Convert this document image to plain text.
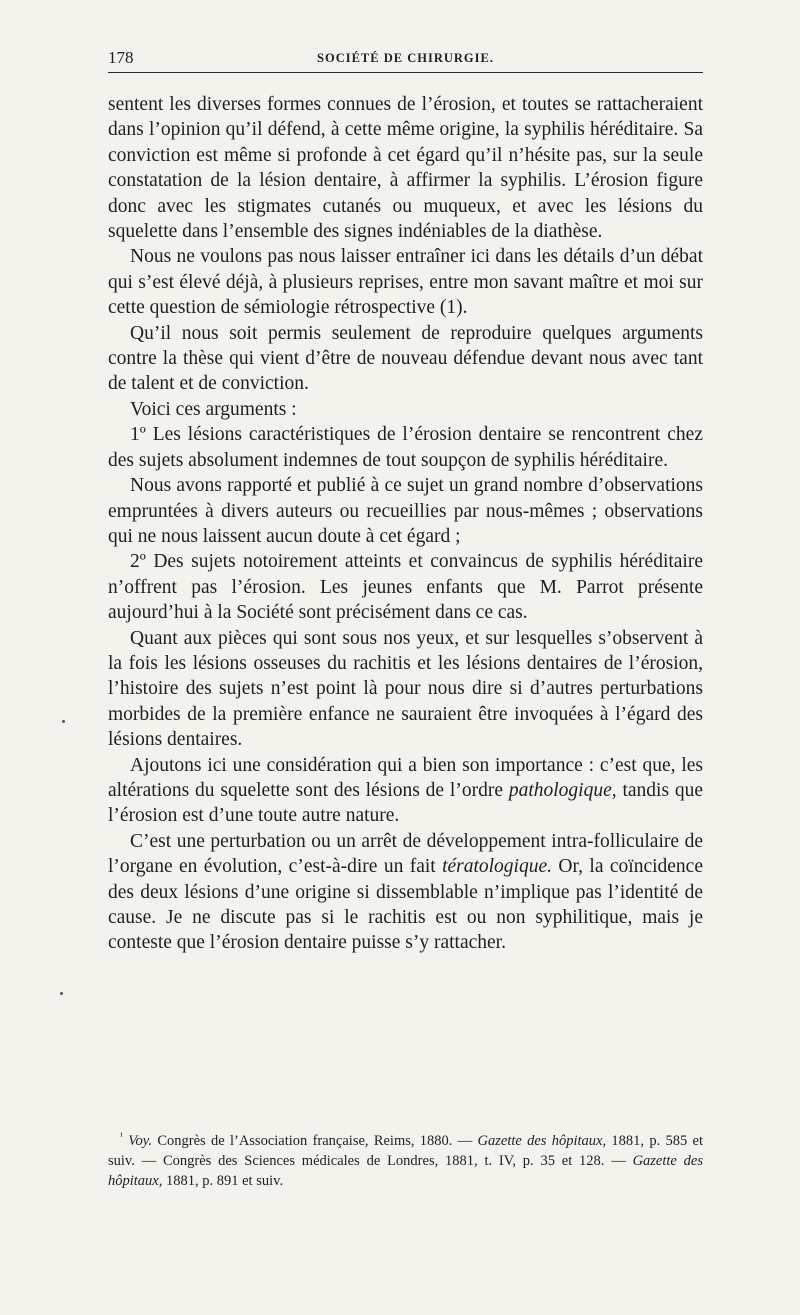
178	SOCIÉTÉ DE CHIRURGIE.

sentent les diverses formes connues de l’érosion, et toutes se rattacheraient dans l’opinion qu’il défend, à cette même origine, la syphilis héréditaire. Sa conviction est même si profonde à cet égard qu’il n’hésite pas, sur la seule constatation de la lésion dentaire, à affirmer la syphilis. L’érosion figure donc avec les stigmates cutanés ou muqueux, et avec les lésions du squelette dans l’ensemble des signes indéniables de la diathèse.

Nous ne voulons pas nous laisser entraîner ici dans les détails d’un débat qui s’est élevé déjà, à plusieurs reprises, entre mon savant maître et moi sur cette question de sémiologie rétrospective (1).

Qu’il nous soit permis seulement de reproduire quelques arguments contre la thèse qui vient d’être de nouveau défendue devant nous avec tant de talent et de conviction.

Voici ces arguments :

1º Les lésions caractéristiques de l’érosion dentaire se rencontrent chez des sujets absolument indemnes de tout soupçon de syphilis héréditaire.

Nous avons rapporté et publié à ce sujet un grand nombre d’observations empruntées à divers auteurs ou recueillies par nous-mêmes ; observations qui ne nous laissent aucun doute à cet égard ;

2º Des sujets notoirement atteints et convaincus de syphilis héréditaire n’offrent pas l’érosion. Les jeunes enfants que M. Parrot présente aujourd’hui à la Société sont précisément dans ce cas.

Quant aux pièces qui sont sous nos yeux, et sur lesquelles s’observent à la fois les lésions osseuses du rachitis et les lésions dentaires de l’érosion, l’histoire des sujets n’est point là pour nous dire si d’autres perturbations morbides de la première enfance ne sauraient être invoquées à l’égard des lésions dentaires.

Ajoutons ici une considération qui a bien son importance : c’est que, les altérations du squelette sont des lésions de l’ordre pathologique, tandis que l’érosion est d’une toute autre nature.

C’est une perturbation ou un arrêt de développement intra-folliculaire de l’organe en évolution, c’est-à-dire un fait tératologique. Or, la coïncidence des deux lésions d’une origine si dissemblable n’implique pas l’identité de cause. Je ne discute pas si le rachitis est ou non syphilitique, mais je conteste que l’érosion dentaire puisse s’y rattacher.

$^{^1}$ Voy. Congrès de l’Association française, Reims, 1880. — Gazette des hôpitaux, 1881, p. 585 et suiv. — Congrès des Sciences médicales de Londres, 1881, t. IV, p. 35 et 128. — Gazette des hôpitaux, 1881, p. 891 et suiv.
